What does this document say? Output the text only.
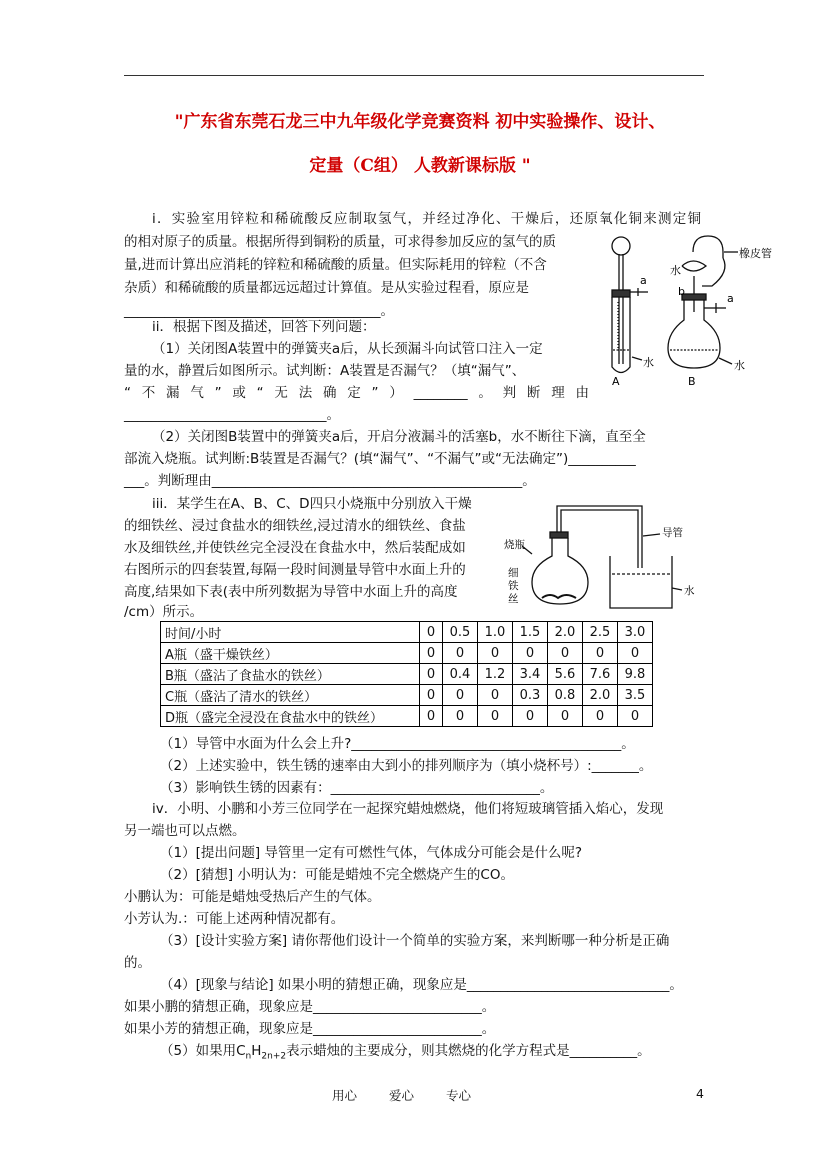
"广东省东莞石龙三中九年级化学竞赛资料 初中实验操作、设计、
定量（C组） 人教新课标版 "
i．实验室用锌粒和稀硫酸反应制取氢气，并经过净化、干燥后，还原氧化铜来测定铜
的相对原子的质量。根据所得到铜粉的质量，可求得参加反应的氢气的质
量,进而计算出应消耗的锌粒和稀硫酸的质量。但实际耗用的锌粒（不含
杂质）和稀硫酸的质量都远远超过计算值。是从实验过程看，原应是
______________________________________。
橡皮管
水
b
a
a
水	水
A	B
ii．根据下图及描述，回答下列问题：
（1）关闭图A装置中的弹簧夹a后，从长颈漏斗向试管口注入一定
量的水，静置后如图所示。试判断：A装置是否漏气？（填“漏气”、
“不漏气”或“无法确定”）________。判断理由
______________________________。
（2）关闭图B装置中的弹簧夹a后，开启分液漏斗的活塞b，水不断往下滴，直至全
部流入烧瓶。试判断:B装置是否漏气？(填“漏气”、“不漏气”或“无法确定”)__________
___。判断理由______________________________________________。
iii．某学生在A、B、C、D四只小烧瓶中分别放入干燥
的细铁丝、浸过食盐水的细铁丝,浸过清水的细铁丝、食盐
水及细铁丝,并使铁丝完全浸没在食盐水中，然后装配成如
右图所示的四套装置,每隔一段时间测量导管中水面上升的
高度,结果如下表(表中所列数据为导管中水面上升的高度
/cm）所示。
烧瓶
细
铁
丝
导管
水
时间/小时	0	0.5	1.0	1.5	2.0	2.5	3.0
A瓶（盛干燥铁丝）	0	0	0	0	0	0	0
B瓶（盛沾了食盐水的铁丝）	0	0.4	1.2	3.4	5.6	7.6	9.8
C瓶（盛沾了清水的铁丝）	0	0	0	0.3	0.8	2.0	3.5
D瓶（盛完全浸没在食盐水中的铁丝）	0	0	0	0	0	0	0
（1）导管中水面为什么会上升?________________________________________。
（2）上述实验中，铁生锈的速率由大到小的排列顺序为（填小烧杯号）:_______。
（3）影响铁生锈的因素有：_______________________________。
iv．小明、小鹏和小芳三位同学在一起探究蜡烛燃烧，他们将短玻璃管插入焰心，发现
另一端也可以点燃。
（1）[提出问题] 导管里一定有可燃性气体，气体成分可能会是什么呢?
（2）[猜想] 小明认为：可能是蜡烛不完全燃烧产生的CO。
小鹏认为：可能是蜡烛受热后产生的气体。
小芳认为.：可能上述两种情况都有。
（3）[设计实验方案] 请你帮他们设计一个简单的实验方案，来判断哪一种分析是正确
的。
（4）[现象与结论] 如果小明的猜想正确，现象应是______________________________。
如果小鹏的猜想正确，现象应是_________________________。
如果小芳的猜想正确，现象应是_________________________。
（5）如果用$C_nH_{2n+2}$表示蜡烛的主要成分，则其燃烧的化学方程式是__________。
用心	爱心	专心	4
